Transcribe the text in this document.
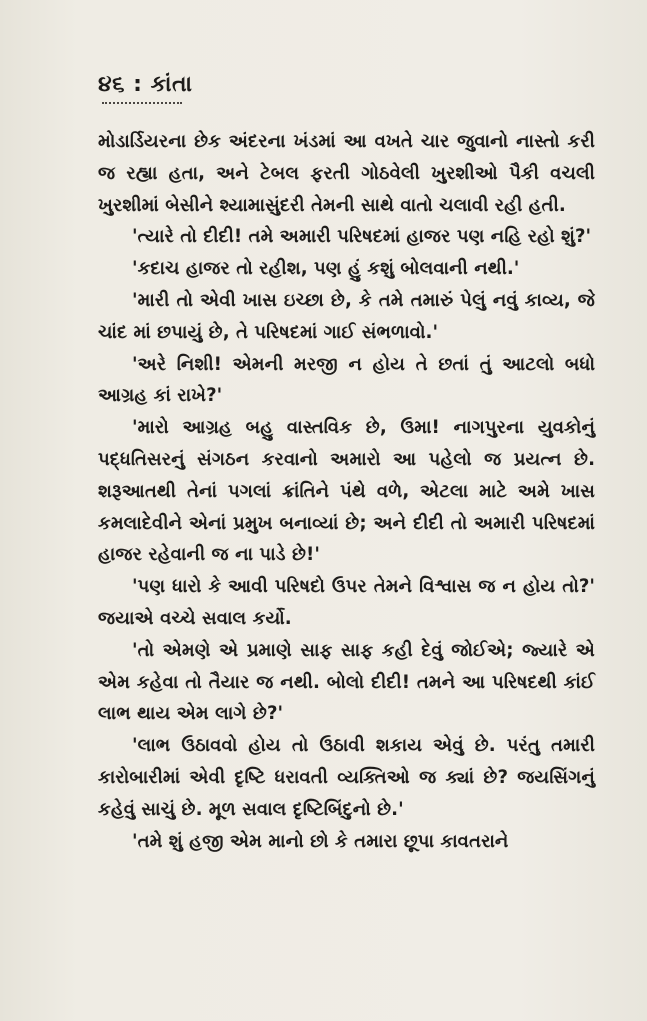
૪૬ : કાંતા

મોડાર્ડિયરના છેક અંદરના ખંડમાં આ વખતે ચાર જુવાનો નાસ્તો કરી જ રહ્યા હતા, અને ટેબલ ફરતી ગોઠવેલી ખુરશીઓ પૈકી વચલી ખુરશીમાં બેસીને શ્યામાસુંદરી તેમની સાથે વાતો ચલાવી રહી હતી.

'ત્યારે તો દીદી! તમે અમારી પરિષદમાં હાજર પણ નહિ રહો શું?'

'કદાચ હાજર તો રહીશ, પણ હું કશું બોલવાની નથી.'

'મારી તો એવી ખાસ ઇચ્છા છે, કે તમે તમારું પેલું નવું કાવ્ય, જે ચાંદ માં છપાયું છે, તે પરિષદમાં ગાઈ સંભળાવો.'

'અરે નિશી! એમની મરજી ન હોય તે છતાં તું આટલો બધો આગ્રહ કાં રાખે?'

'મારો આગ્રહ બહુ વાસ્તવિક છે, ઉમા! નાગપુરના યુવકોનું પદ્ધતિસરનું સંગઠન કરવાનો અમારો આ પહેલો જ પ્રયત્ન છે. શરૂઆતથી તેનાં પગલાં ક્રાંતિને પંથે વળે, એટલા માટે અમે ખાસ કમલાદેવીને એનાં પ્રમુખ બનાવ્યાં છે; અને દીદી તો અમારી પરિષદમાં હાજર રહેવાની જ ના પાડે છે!'

'પણ ધારો કે આવી પરિષદો ઉપર તેમને વિશ્વાસ જ ન હોય તો?' જયાએ વચ્ચે સવાલ કર્યો.

'તો એમણે એ પ્રમાણે સાફ સાફ કહી દેવું જોઈએ; જ્યારે એ એમ કહેવા તો તૈયાર જ નથી. બોલો દીદી! તમને આ પરિષદથી કાંઈ લાભ થાય એમ લાગે છે?'

'લાભ ઉઠાવવો હોય તો ઉઠાવી શકાય એવું છે. પરંતુ તમારી કારોબારીમાં એવી દૃષ્ટિ ધરાવતી વ્યક્તિઓ જ ક્યાં છે? જયસિંગનું કહેવું સાચું છે. મૂળ સવાલ દૃષ્ટિબિંદુનો છે.'

'તમે શું હજી એમ માનો છો કે તમારા છૂપા કાવતરાને
